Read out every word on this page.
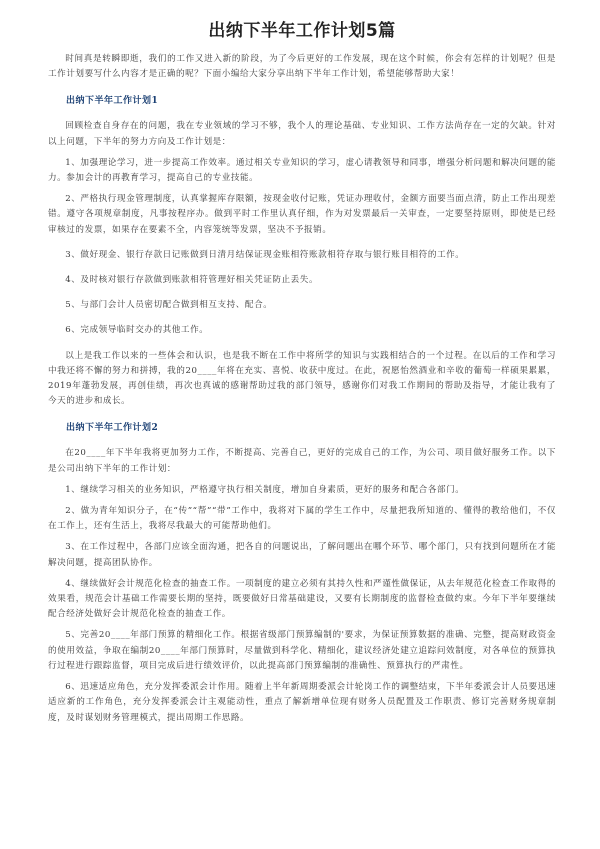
出纳下半年工作计划5篇

时间真是转瞬即逝，我们的工作又进入新的阶段，为了今后更好的工作发展，现在这个时候，你会有怎样的计划呢？但是工作计划要写什么内容才是正确的呢？下面小编给大家分享出纳下半年工作计划，希望能够帮助大家！

出纳下半年工作计划1

回顾检查自身存在的问题，我在专业领域的学习不够，我个人的理论基础、专业知识、工作方法尚存在一定的欠缺。针对以上问题，下半年的努力方向及工作计划是：

1、加强理论学习，进一步提高工作效率。通过相关专业知识的学习，虚心请教领导和同事，增强分析问题和解决问题的能力。参加会计的再教育学习，提高自己的专业技能。

2、严格执行现金管理制度，认真掌握库存限额，按现金收付记账，凭证办理收付，金额方面要当面点清，防止工作出现差错。遵守各项规章制度，凡事按程序办。做到平时工作里认真仔细，作为对发票最后一关审查，一定要坚持原则，即使是已经审核过的发票，如果存在要素不全，内容笼统等发票，坚决不予报销。

3、做好现金、银行存款日记账做到日清月结保证现金账相符账款相符存取与银行账目相符的工作。

4、及时核对银行存款做到账款相符管理好相关凭证防止丢失。

5、与部门会计人员密切配合做到相互支持、配合。

6、完成领导临时交办的其他工作。

以上是我工作以来的一些体会和认识，也是我不断在工作中将所学的知识与实践相结合的一个过程。在以后的工作和学习中我还将不懈的努力和拼搏，我的20____年将在充实、喜悦、收获中度过。在此，祝愿怡然酒业和辛收的葡萄一样硕果累累，2019年蓬勃发展，再创佳绩，再次也真诚的感谢帮助过我的部门领导，感谢你们对我工作期间的帮助及指导，才能让我有了今天的进步和成长。

出纳下半年工作计划2

在20____年下半年我将更加努力工作，不断提高、完善自己，更好的完成自己的工作，为公司、项目做好服务工作。以下是公司出纳下半年的工作计划：

1、继续学习相关的业务知识，严格遵守执行相关制度，增加自身素质，更好的服务和配合各部门。

2、做为青年知识分子，在“传”“帮”“带”工作中，我将对下属的学生工作中，尽量把我所知道的、懂得的教给他们，不仅在工作上，还有生活上，我将尽我最大的可能帮助他们。

3、在工作过程中，各部门应该全面沟通，把各自的问题说出，了解问题出在哪个环节、哪个部门，只有找到问题所在才能解决问题，提高团队协作。

4、继续做好会计规范化检查的抽查工作。一项制度的建立必须有其持久性和严谨性做保证，从去年规范化检查工作取得的效果看，规范会计基础工作需要长期的坚持，既要做好日常基础建设，又要有长期制度的监督检查做约束。今年下半年要继续配合经济处做好会计规范化检查的抽查工作。

5、完善20____年部门预算的精细化工作。根据省级部门预算编制的'要求，为保证预算数据的准确、完整，提高财政资金的使用效益，争取在编制20____年部门预算时，尽量做到科学化、精细化，建议经济处建立追踪问效制度，对各单位的预算执行过程进行跟踪监督，项目完成后进行绩效评价，以此提高部门预算编制的准确性、预算执行的严肃性。

6、迅速适应角色，充分发挥委派会计作用。随着上半年新周期委派会计轮岗工作的调整结束，下半年委派会计人员要迅速适应新的工作角色，充分发挥委派会计主观能动性，重点了解新增单位现有财务人员配置及工作职责、修订完善财务规章制度，及时谋划财务管理模式，提出周期工作思路。
